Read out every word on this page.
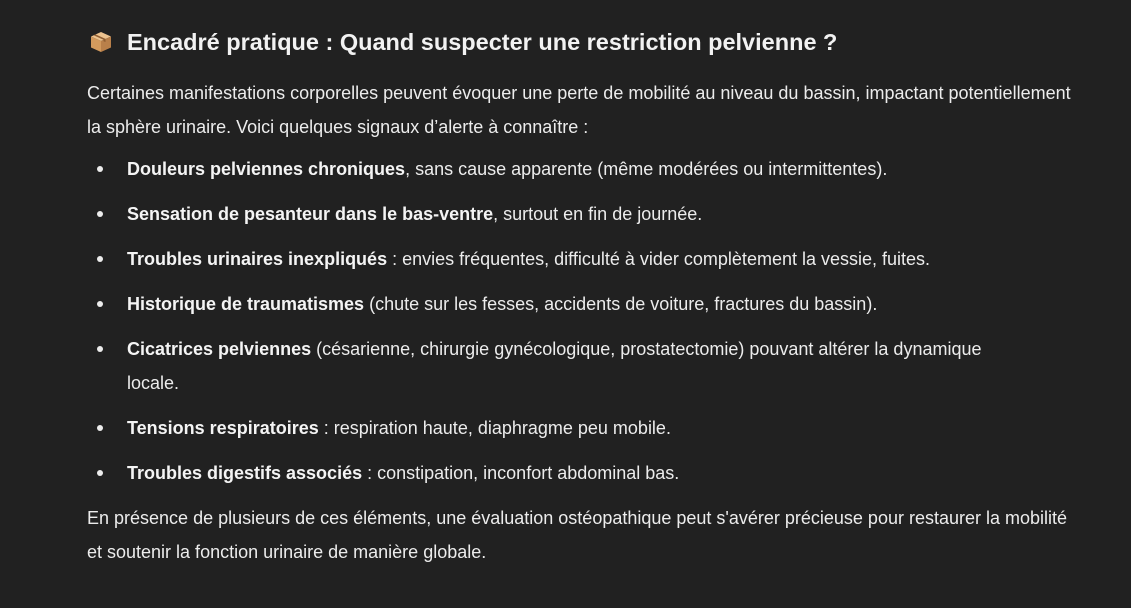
Encadré pratique : Quand suspecter une restriction pelvienne ?

Certaines manifestations corporelles peuvent évoquer une perte de mobilité au niveau du bassin, impactant potentiellement la sphère urinaire. Voici quelques signaux d’alerte à connaître :

Douleurs pelviennes chroniques, sans cause apparente (même modérées ou intermittentes).
Sensation de pesanteur dans le bas-ventre, surtout en fin de journée.
Troubles urinaires inexpliqués : envies fréquentes, difficulté à vider complètement la vessie, fuites.
Historique de traumatismes (chute sur les fesses, accidents de voiture, fractures du bassin).
Cicatrices pelviennes (césarienne, chirurgie gynécologique, prostatectomie) pouvant altérer la dynamique locale.
Tensions respiratoires : respiration haute, diaphragme peu mobile.
Troubles digestifs associés : constipation, inconfort abdominal bas.

En présence de plusieurs de ces éléments, une évaluation ostéopathique peut s'avérer précieuse pour restaurer la mobilité et soutenir la fonction urinaire de manière globale.
